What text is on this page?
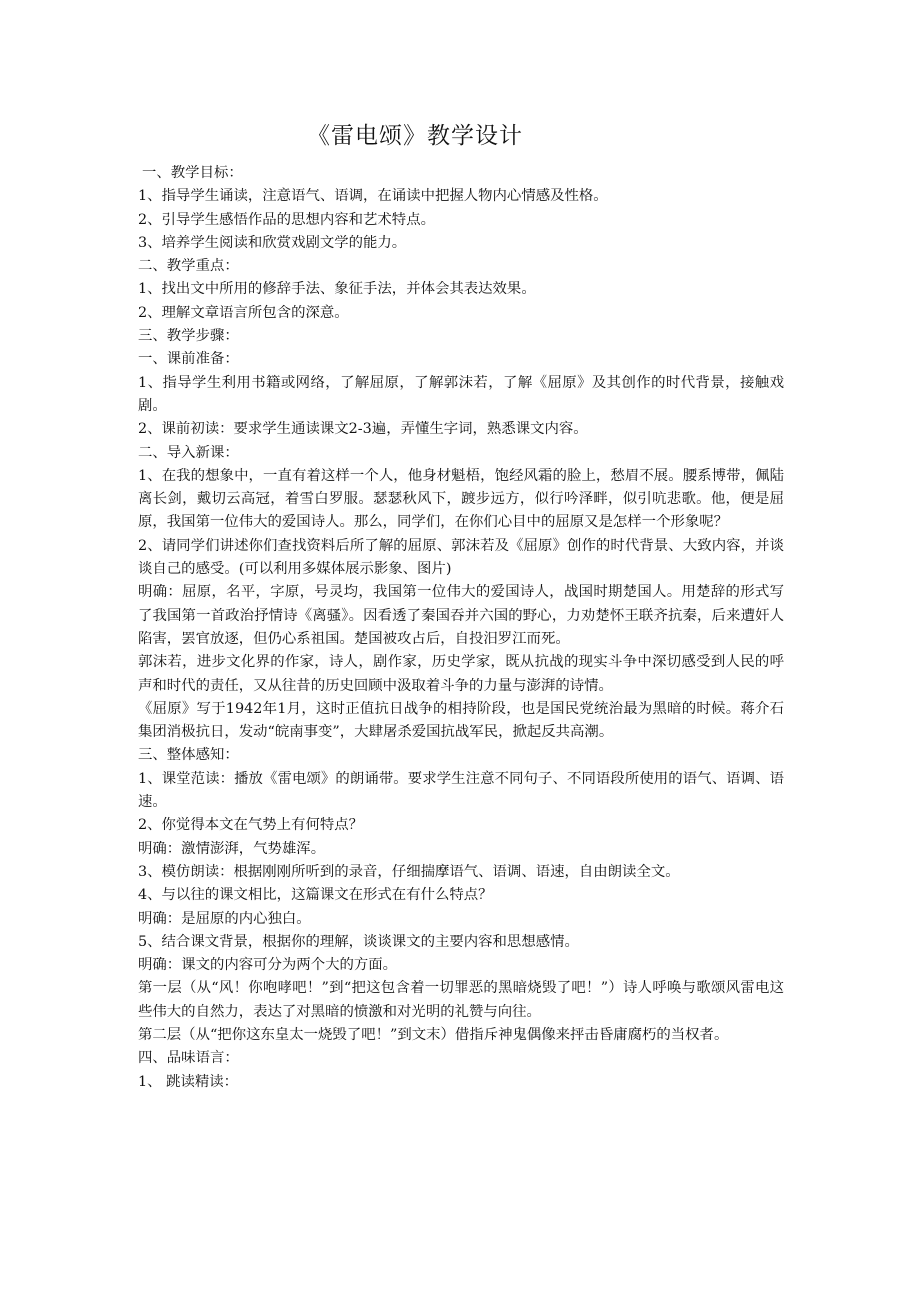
《雷电颂》教学设计

一、教学目标：

1、指导学生诵读，注意语气、语调，在诵读中把握人物内心情感及性格。

2、引导学生感悟作品的思想内容和艺术特点。

3、培养学生阅读和欣赏戏剧文学的能力。

二、教学重点：

1、找出文中所用的修辞手法、象征手法，并体会其表达效果。

2、理解文章语言所包含的深意。

三、教学步骤：

一、课前准备：

1、指导学生利用书籍或网络，了解屈原，了解郭沫若，了解《屈原》及其创作的时代背景，接触戏剧。

2、课前初读：要求学生通读课文2-3遍，弄懂生字词，熟悉课文内容。

二、导入新课：

1、在我的想象中，一直有着这样一个人，他身材魁梧，饱经风霜的脸上，愁眉不展。腰系博带，佩陆离长剑，戴切云高冠，着雪白罗服。瑟瑟秋风下，踱步远方，似行吟泽畔，似引吭悲歌。他，便是屈原，我国第一位伟大的爱国诗人。那么，同学们，在你们心目中的屈原又是怎样一个形象呢？

2、请同学们讲述你们查找资料后所了解的屈原、郭沫若及《屈原》创作的时代背景、大致内容，并谈谈自己的感受。(可以利用多媒体展示影象、图片)

明确：屈原，名平，字原，号灵均，我国第一位伟大的爱国诗人，战国时期楚国人。用楚辞的形式写了我国第一首政治抒情诗《离骚》。因看透了秦国吞并六国的野心，力劝楚怀王联齐抗秦，后来遭奸人陷害，罢官放逐，但仍心系祖国。楚国被攻占后，自投汨罗江而死。

郭沫若，进步文化界的作家，诗人，剧作家，历史学家，既从抗战的现实斗争中深切感受到人民的呼声和时代的责任，又从往昔的历史回顾中汲取着斗争的力量与澎湃的诗情。

《屈原》写于1942年1月，这时正值抗日战争的相持阶段，也是国民党统治最为黑暗的时候。蒋介石集团消极抗日，发动“皖南事变”，大肆屠杀爱国抗战军民，掀起反共高潮。

三、整体感知：

1、课堂范读：播放《雷电颂》的朗诵带。要求学生注意不同句子、不同语段所使用的语气、语调、语速。

2、你觉得本文在气势上有何特点？

明确：激情澎湃，气势雄浑。

3、模仿朗读：根据刚刚所听到的录音，仔细揣摩语气、语调、语速，自由朗读全文。

4、与以往的课文相比，这篇课文在形式在有什么特点？

明确：是屈原的内心独白。

5、结合课文背景，根据你的理解，谈谈课文的主要内容和思想感情。

明确：课文的内容可分为两个大的方面。

第一层（从“风！你咆哮吧！”到“把这包含着一切罪恶的黑暗烧毁了吧！”）诗人呼唤与歌颂风雷电这些伟大的自然力，表达了对黑暗的愤激和对光明的礼赞与向往。

第二层（从“把你这东皇太一烧毁了吧！”到文末）借指斥神鬼偶像来抨击昏庸腐朽的当权者。

四、品味语言：

1、 跳读精读：
